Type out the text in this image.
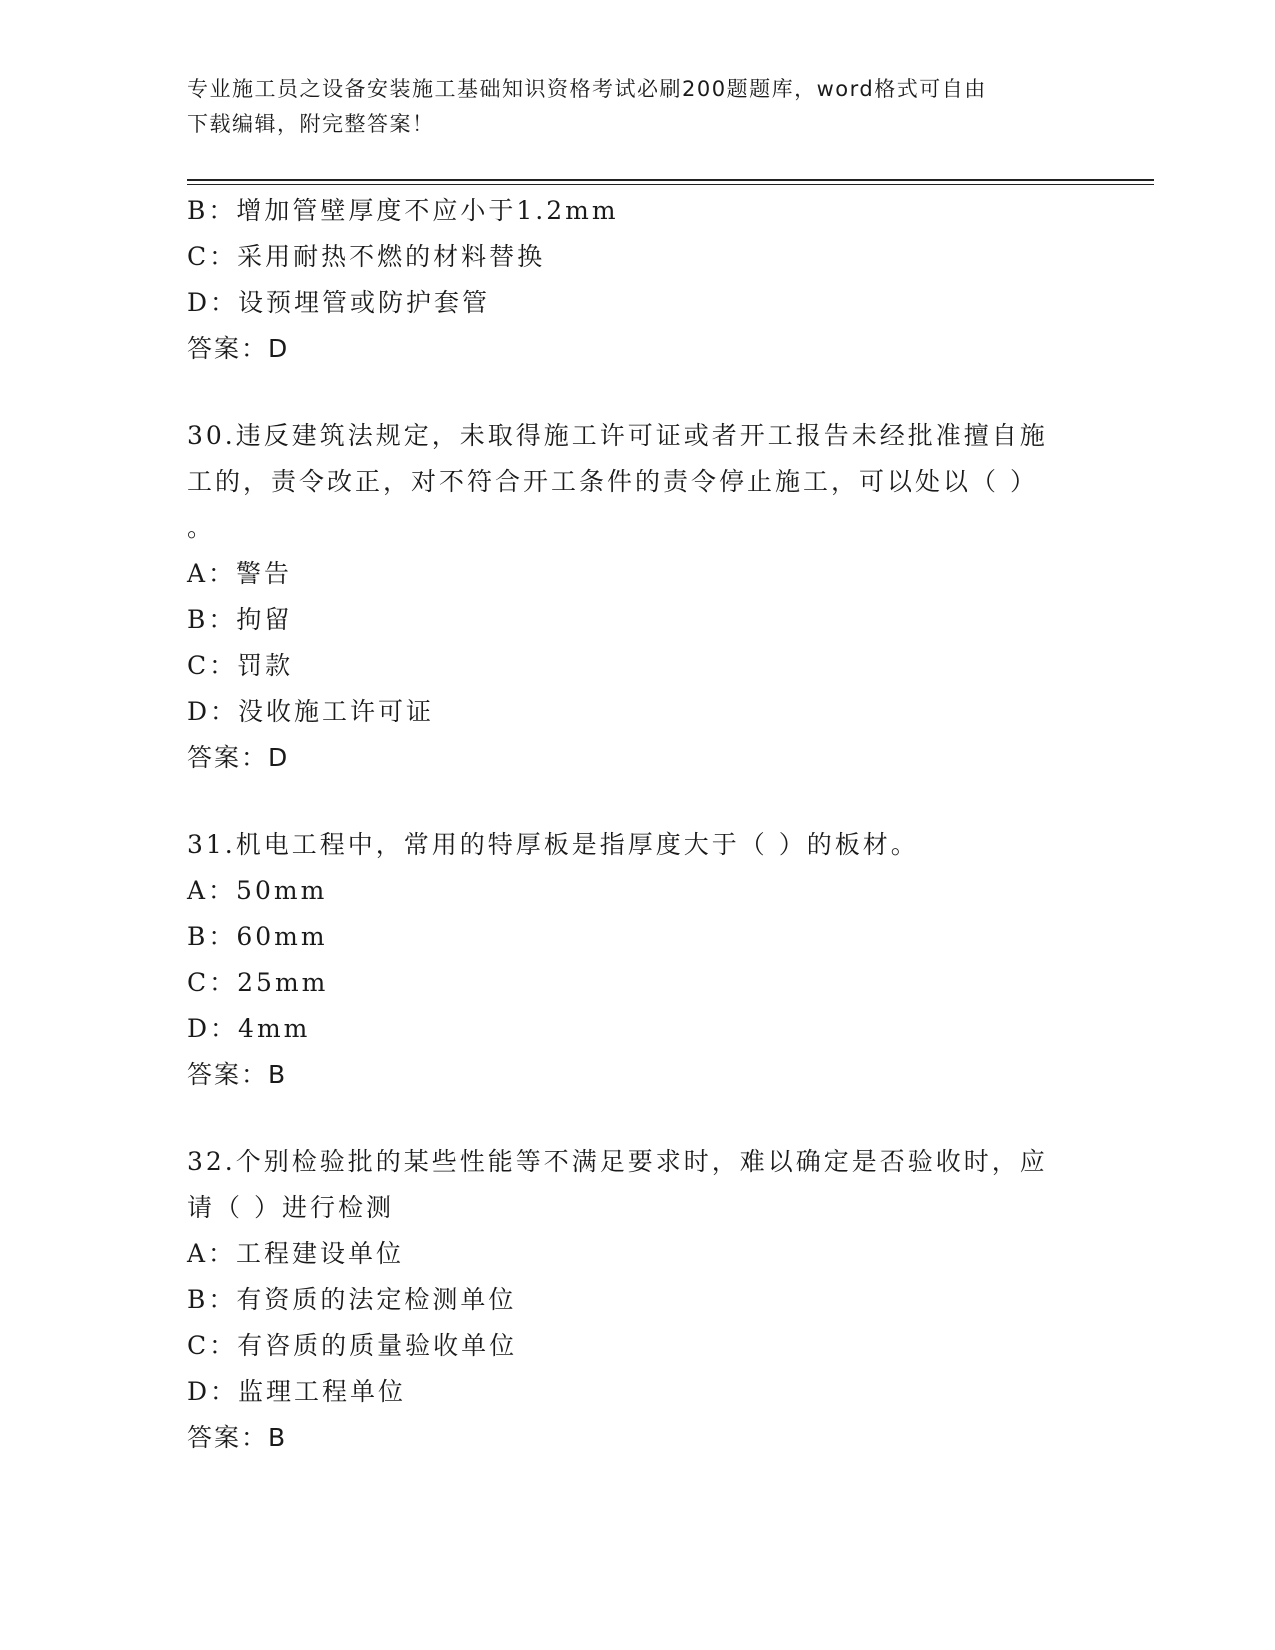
专业施工员之设备安装施工基础知识资格考试必刷200题题库，word格式可自由
下载编辑，附完整答案！
B：增加管壁厚度不应小于1.2mm
C：采用耐热不燃的材料替换
D：设预埋管或防护套管
答案：D
30.违反建筑法规定，未取得施工许可证或者开工报告未经批准擅自施
工的，责令改正，对不符合开工条件的责令停止施工，可以处以（ ）
。
A：警告
B：拘留
C：罚款
D：没收施工许可证
答案：D
31.机电工程中，常用的特厚板是指厚度大于（ ）的板材。
A：50mm
B：60mm
C：25mm
D：4mm
答案：B
32.个别检验批的某些性能等不满足要求时，难以确定是否验收时，应
请（ ）进行检测
A：工程建设单位
B：有资质的法定检测单位
C：有咨质的质量验收单位
D：监理工程单位
答案：B
